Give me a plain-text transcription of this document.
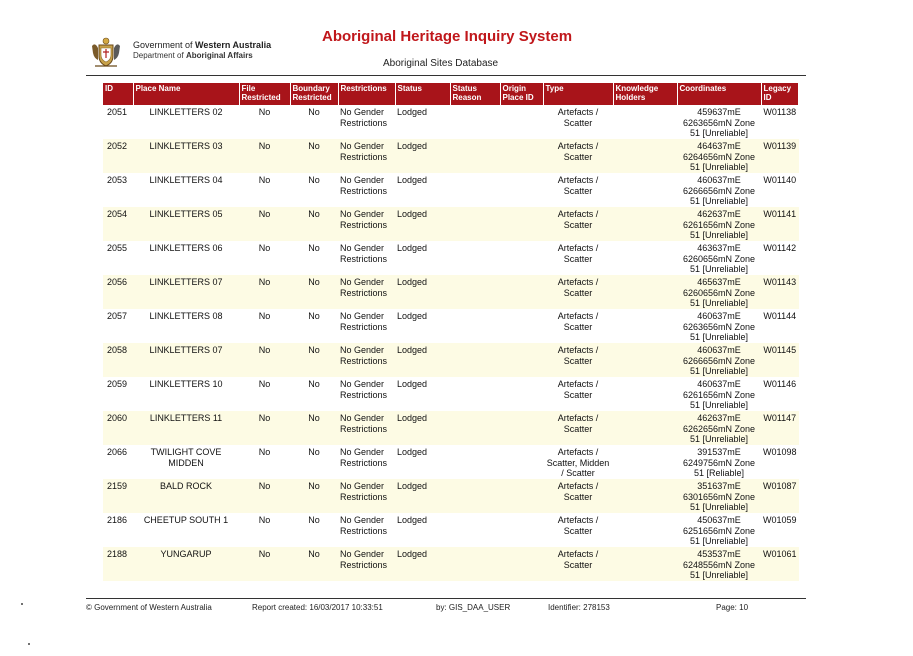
Government of Western Australia
Department of Aboriginal Affairs
Aboriginal Heritage Inquiry System
Aboriginal Sites Database
ID	Place Name	File Restricted	Boundary Restricted	Restrictions	Status	Status Reason	Origin Place ID	Type	Knowledge Holders	Coordinates	Legacy ID
2051	LINKLETTERS 02	No	No	No Gender Restrictions	Lodged			Artefacts / Scatter		459637mE 6263656mN Zone 51 [Unreliable]	W01138
2052	LINKLETTERS 03	No	No	No Gender Restrictions	Lodged			Artefacts / Scatter		464637mE 6264656mN Zone 51 [Unreliable]	W01139
2053	LINKLETTERS 04	No	No	No Gender Restrictions	Lodged			Artefacts / Scatter		460637mE 6266656mN Zone 51 [Unreliable]	W01140
2054	LINKLETTERS 05	No	No	No Gender Restrictions	Lodged			Artefacts / Scatter		462637mE 6261656mN Zone 51 [Unreliable]	W01141
2055	LINKLETTERS 06	No	No	No Gender Restrictions	Lodged			Artefacts / Scatter		463637mE 6260656mN Zone 51 [Unreliable]	W01142
2056	LINKLETTERS 07	No	No	No Gender Restrictions	Lodged			Artefacts / Scatter		465637mE 6260656mN Zone 51 [Unreliable]	W01143
2057	LINKLETTERS 08	No	No	No Gender Restrictions	Lodged			Artefacts / Scatter		460637mE 6263656mN Zone 51 [Unreliable]	W01144
2058	LINKLETTERS 07	No	No	No Gender Restrictions	Lodged			Artefacts / Scatter		460637mE 6266656mN Zone 51 [Unreliable]	W01145
2059	LINKLETTERS 10	No	No	No Gender Restrictions	Lodged			Artefacts / Scatter		460637mE 6261656mN Zone 51 [Unreliable]	W01146
2060	LINKLETTERS 11	No	No	No Gender Restrictions	Lodged			Artefacts / Scatter		462637mE 6262656mN Zone 51 [Unreliable]	W01147
2066	TWILIGHT COVE MIDDEN	No	No	No Gender Restrictions	Lodged			Artefacts / Scatter, Midden / Scatter		391537mE 6249756mN Zone 51 [Reliable]	W01098
2159	BALD ROCK	No	No	No Gender Restrictions	Lodged			Artefacts / Scatter		351637mE 6301656mN Zone 51 [Unreliable]	W01087
2186	CHEETUP SOUTH 1	No	No	No Gender Restrictions	Lodged			Artefacts / Scatter		450637mE 6251656mN Zone 51 [Unreliable]	W01059
2188	YUNGARUP	No	No	No Gender Restrictions	Lodged			Artefacts / Scatter		453537mE 6248556mN Zone 51 [Unreliable]	W01061
© Government of Western Australia	Report created: 16/03/2017 10:33:51	by: GIS_DAA_USER	Identifier: 278153	Page: 10
